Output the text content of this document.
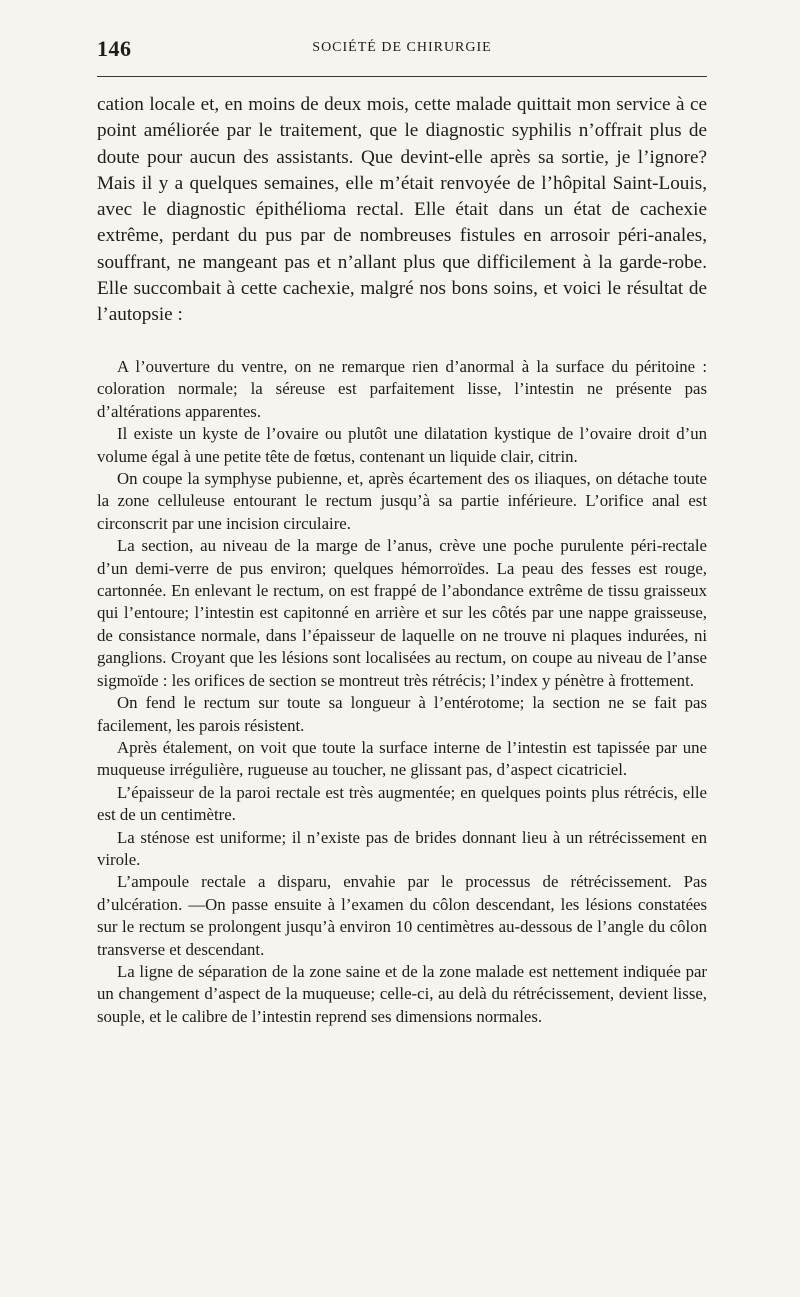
146	SOCIÉTÉ DE CHIRURGIE

cation locale et, en moins de deux mois, cette malade quittait mon service à ce point améliorée par le traitement, que le diagnostic syphilis n’offrait plus de doute pour aucun des assistants. Que devint-elle après sa sortie, je l’ignore? Mais il y a quelques semaines, elle m’était renvoyée de l’hôpital Saint-Louis, avec le diagnostic épithélioma rectal. Elle était dans un état de cachexie extrême, perdant du pus par de nombreuses fistules en arrosoir péri-anales, souffrant, ne mangeant pas et n’allant plus que difficilement à la garde-robe. Elle succombait à cette cachexie, malgré nos bons soins, et voici le résultat de l’autopsie :

A l’ouverture du ventre, on ne remarque rien d’anormal à la surface du péritoine : coloration normale; la séreuse est parfaitement lisse, l’intestin ne présente pas d’altérations apparentes.

Il existe un kyste de l’ovaire ou plutôt une dilatation kystique de l’ovaire droit d’un volume égal à une petite tête de fœtus, contenant un liquide clair, citrin.

On coupe la symphyse pubienne, et, après écartement des os iliaques, on détache toute la zone celluleuse entourant le rectum jusqu’à sa partie inférieure. L’orifice anal est circonscrit par une incision circulaire.

La section, au niveau de la marge de l’anus, crève une poche purulente péri-rectale d’un demi-verre de pus environ; quelques hémorroïdes. La peau des fesses est rouge, cartonnée. En enlevant le rectum, on est frappé de l’abondance extrême de tissu graisseux qui l’entoure; l’intestin est capitonné en arrière et sur les côtés par une nappe graisseuse, de consistance normale, dans l’épaisseur de laquelle on ne trouve ni plaques indurées, ni ganglions. Croyant que les lésions sont localisées au rectum, on coupe au niveau de l’anse sigmoïde : les orifices de section se montreut très rétrécis; l’index y pénètre à frottement.

On fend le rectum sur toute sa longueur à l’entérotome; la section ne se fait pas facilement, les parois résistent.

Après étalement, on voit que toute la surface interne de l’intestin est tapissée par une muqueuse irrégulière, rugueuse au toucher, ne glissant pas, d’aspect cicatriciel.

L’épaisseur de la paroi rectale est très augmentée; en quelques points plus rétrécis, elle est de un centimètre.

La sténose est uniforme; il n’existe pas de brides donnant lieu à un rétrécissement en virole.

L’ampoule rectale a disparu, envahie par le processus de rétrécissement. Pas d’ulcération. —On passe ensuite à l’examen du côlon descendant, les lésions constatées sur le rectum se prolongent jusqu’à environ 10 centimètres au-dessous de l’angle du côlon transverse et descendant.

La ligne de séparation de la zone saine et de la zone malade est nettement indiquée par un changement d’aspect de la muqueuse; celle-ci, au delà du rétrécissement, devient lisse, souple, et le calibre de l’intestin reprend ses dimensions normales.
